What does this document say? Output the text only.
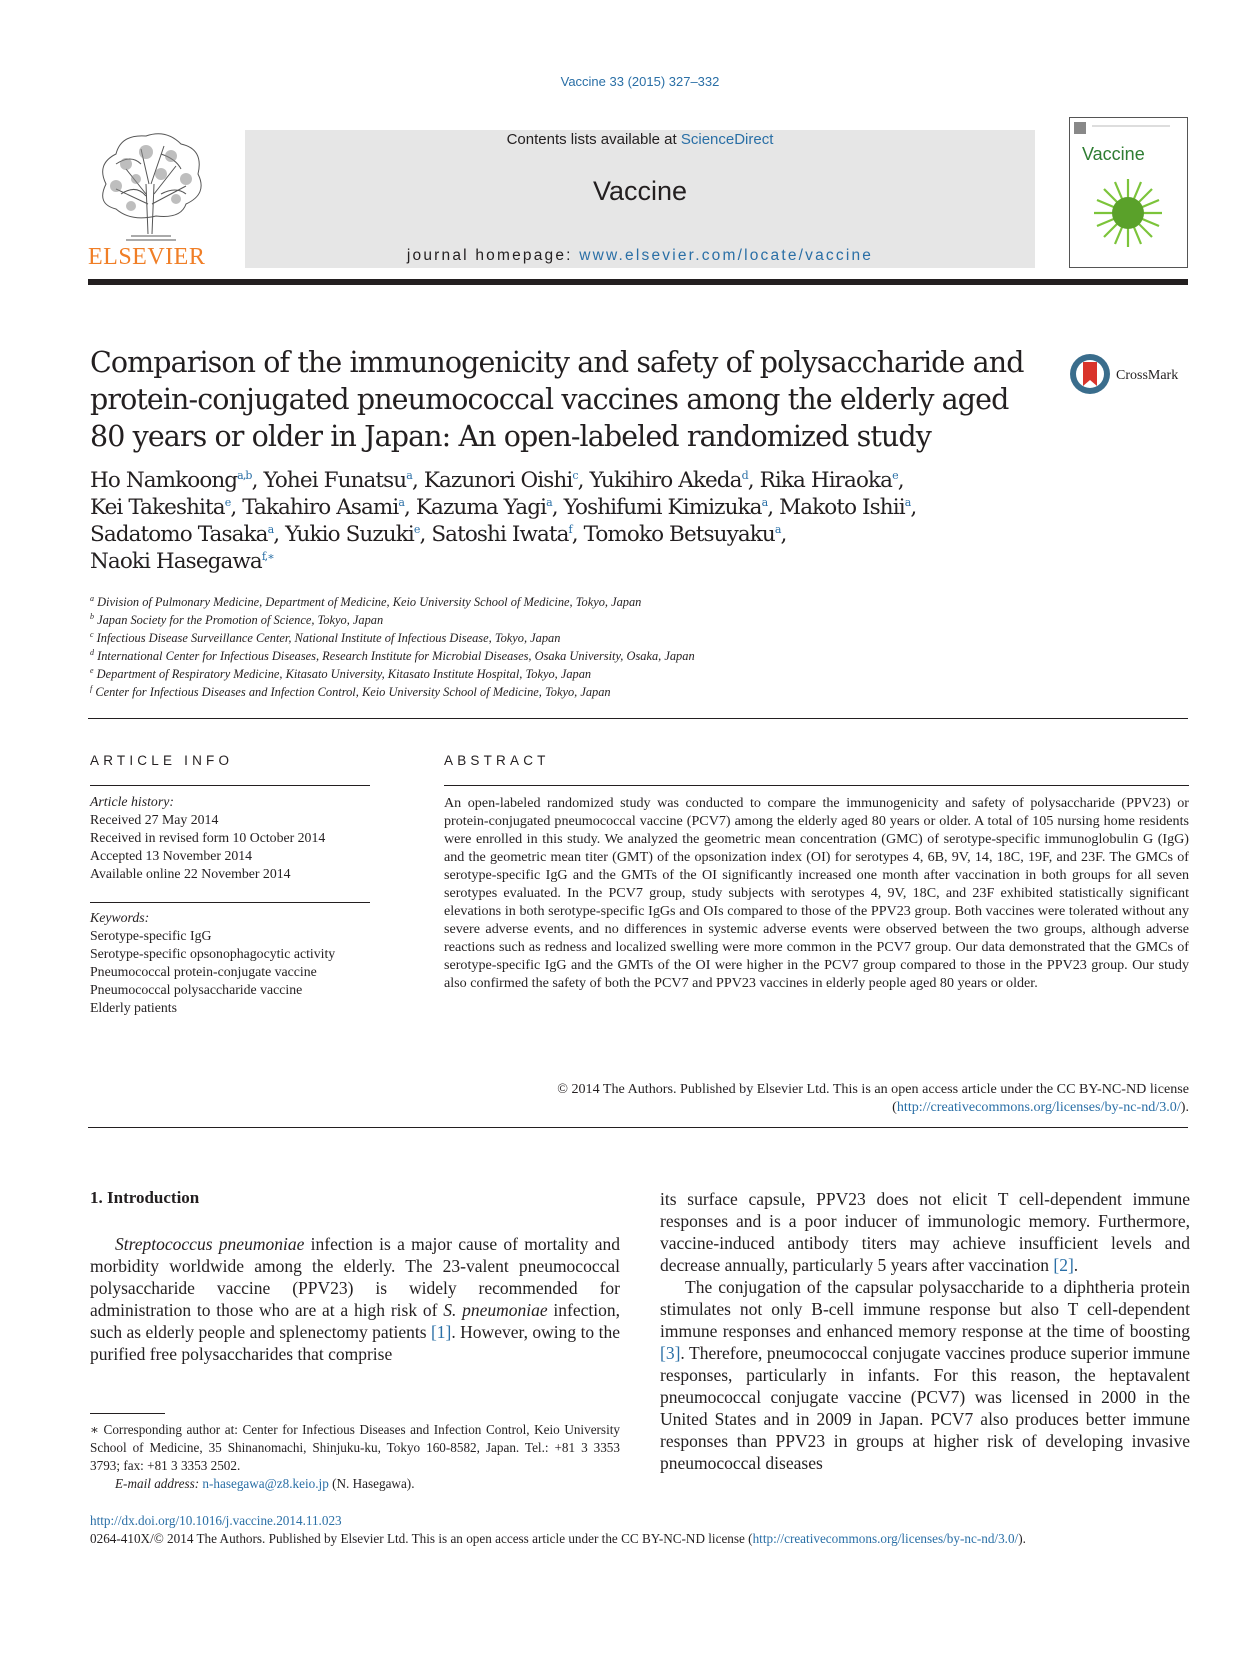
Vaccine 33 (2015) 327–332
ELSEVIER
Contents lists available at ScienceDirect
Vaccine
journal homepage: www.elsevier.com/locate/vaccine
Vaccine
Comparison of the immunogenicity and safety of polysaccharide and protein-conjugated pneumococcal vaccines among the elderly aged 80 years or older in Japan: An open-labeled randomized study
CrossMark
Ho Namkoong$^{a,b}$, Yohei Funatsu$^a$, Kazunori Oishi$^c$, Yukihiro Akeda$^d$, Rika Hiraoka$^e$,
Kei Takeshita$^e$, Takahiro Asami$^a$, Kazuma Yagi$^a$, Yoshifumi Kimizuka$^a$, Makoto Ishii$^a$,
Sadatomo Tasaka$^a$, Yukio Suzuki$^e$, Satoshi Iwata$^f$, Tomoko Betsuyaku$^a$,
Naoki Hasegawa$^{f,∗}$
$^a$ Division of Pulmonary Medicine, Department of Medicine, Keio University School of Medicine, Tokyo, Japan
$^b$ Japan Society for the Promotion of Science, Tokyo, Japan
$^c$ Infectious Disease Surveillance Center, National Institute of Infectious Disease, Tokyo, Japan
$^d$ International Center for Infectious Diseases, Research Institute for Microbial Diseases, Osaka University, Osaka, Japan
$^e$ Department of Respiratory Medicine, Kitasato University, Kitasato Institute Hospital, Tokyo, Japan
$^f$ Center for Infectious Diseases and Infection Control, Keio University School of Medicine, Tokyo, Japan
ARTICLE INFO	ABSTRACT
Article history:
Received 27 May 2014
Received in revised form 10 October 2014
Accepted 13 November 2014
Available online 22 November 2014
Keywords:
Serotype-specific IgG
Serotype-specific opsonophagocytic activity
Pneumococcal protein-conjugate vaccine
Pneumococcal polysaccharide vaccine
Elderly patients
An open-labeled randomized study was conducted to compare the immunogenicity and safety of polysaccharide (PPV23) or protein-conjugated pneumococcal vaccine (PCV7) among the elderly aged 80 years or older. A total of 105 nursing home residents were enrolled in this study. We analyzed the geometric mean concentration (GMC) of serotype-specific immunoglobulin G (IgG) and the geometric mean titer (GMT) of the opsonization index (OI) for serotypes 4, 6B, 9V, 14, 18C, 19F, and 23F. The GMCs of serotype-specific IgG and the GMTs of the OI significantly increased one month after vaccination in both groups for all seven serotypes evaluated. In the PCV7 group, study subjects with serotypes 4, 9V, 18C, and 23F exhibited statistically significant elevations in both serotype-specific IgGs and OIs compared to those of the PPV23 group. Both vaccines were tolerated without any severe adverse events, and no differences in systemic adverse events were observed between the two groups, although adverse reactions such as redness and localized swelling were more common in the PCV7 group. Our data demonstrated that the GMCs of serotype-specific IgG and the GMTs of the OI were higher in the PCV7 group compared to those in the PPV23 group. Our study also confirmed the safety of both the PCV7 and PPV23 vaccines in elderly people aged 80 years or older.
© 2014 The Authors. Published by Elsevier Ltd. This is an open access article under the CC BY-NC-ND license (http://creativecommons.org/licenses/by-nc-nd/3.0/).
1. Introduction

Streptococcus pneumoniae infection is a major cause of mortality and morbidity worldwide among the elderly. The 23-valent pneumococcal polysaccharide vaccine (PPV23) is widely recommended for administration to those who are at a high risk of S. pneumoniae infection, such as elderly people and splenectomy patients [1]. However, owing to the purified free polysaccharides that comprise

its surface capsule, PPV23 does not elicit T cell-dependent immune responses and is a poor inducer of immunologic memory. Furthermore, vaccine-induced antibody titers may achieve insufficient levels and decrease annually, particularly 5 years after vaccination [2].

The conjugation of the capsular polysaccharide to a diphtheria protein stimulates not only B-cell immune response but also T cell-dependent immune responses and enhanced memory response at the time of boosting [3]. Therefore, pneumococcal conjugate vaccines produce superior immune responses, particularly in infants. For this reason, the heptavalent pneumococcal conjugate vaccine (PCV7) was licensed in 2000 in the United States and in 2009 in Japan. PCV7 also produces better immune responses than PPV23 in groups at higher risk of developing invasive pneumococcal diseases

∗ Corresponding author at: Center for Infectious Diseases and Infection Control, Keio University School of Medicine, 35 Shinanomachi, Shinjuku-ku, Tokyo 160-8582, Japan. Tel.: +81 3 3353 3793; fax: +81 3 3353 2502.
E-mail address: n-hasegawa@z8.keio.jp (N. Hasegawa).
http://dx.doi.org/10.1016/j.vaccine.2014.11.023
0264-410X/© 2014 The Authors. Published by Elsevier Ltd. This is an open access article under the CC BY-NC-ND license (http://creativecommons.org/licenses/by-nc-nd/3.0/).
